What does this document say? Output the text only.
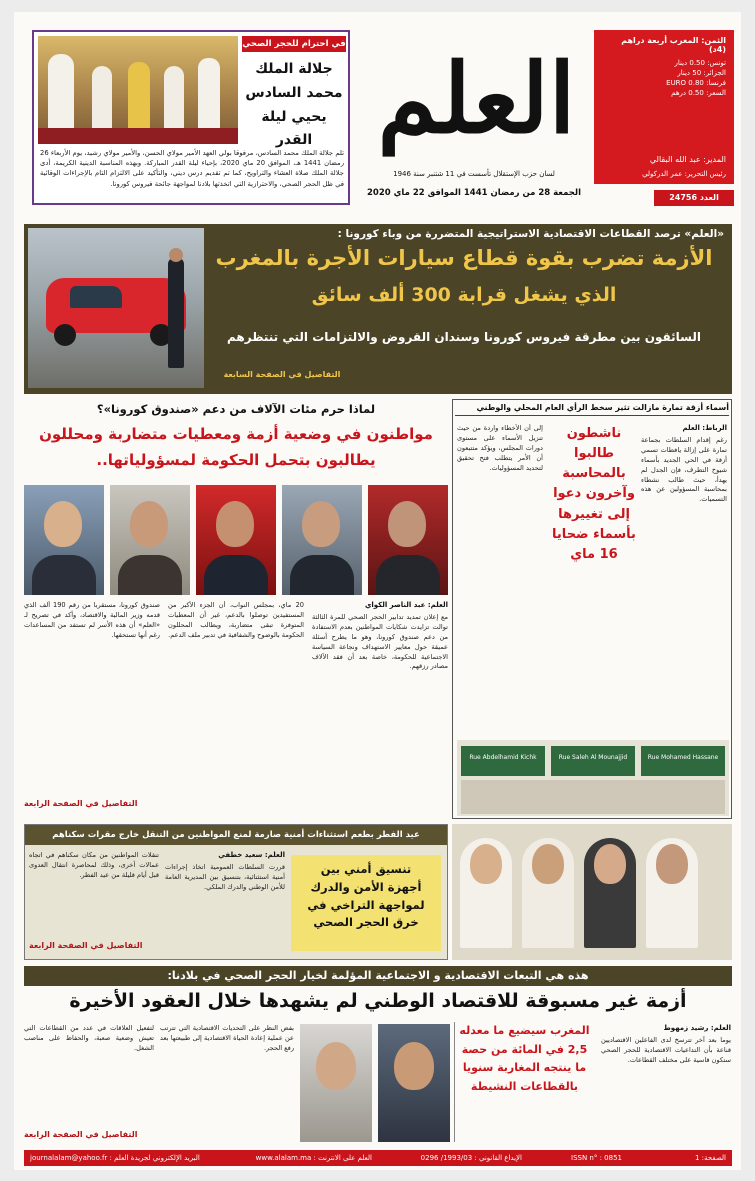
الثمن: المغرب أربعة دراهم (4د)
تونس: 0.50 دينار
الجزائر: 50 دينار
فرنسا: EURO 0.80
السعر: 0.50 درهم
المدير: عبد الله البقالي
رئيس التحرير: عمر الدركولي
العلم
لسان حزب الإستقلال تأسست في 11 شتنبر سنة 1946
الجمعة 28 من رمضان 1441 الموافق 22 ماي 2020	العدد 24756
في احترام للحجر الصحي
جلالة الملك
محمد السادس
يحيي ليلة القدر
تلم جلالة الملك محمد السادس، مرفوقا بولي العهد الأمير مولاي الحسن، والأمير مولاي رشيد، يوم الأربعاء 26 رمضان 1441 هـ، الموافق 20 ماي 2020، بإحياء ليلة القدر المباركة. وبهذه المناسبة الدينية الكريمة، أدى جلالة الملك صلاة العشاء والتراويح، كما تم تقديم درس ديني، والتأكيد على الالتزام التام بالإجراءات الوقائية في ظل الحجر الصحي، والاحترازية التي اتخذتها بلادنا لمواجهة جائحة فيروس كورونا.
«العلم» ترصد القطاعات الاقتصادية الاستراتيجية المتضررة من وباء كورونا :
الأزمة تضرب بقوة قطاع سيارات الأجرة بالمغرب
الذي يشغل قرابة 300 ألف سائق
السائقون بين مطرقة فيروس كورونا وسندان القروض والالتزامات التي تنتظرهم
التفاصيل في الصفحة السابعة
أسماء أزقة تمارة مازالت تثير سخط الرأي العام المحلي والوطني
ناشطون
طالبوا
بالمحاسبة
وآخرون دعوا
إلى تغييرها
بأسماء ضحايا
16 ماي
الرباط: العلم
رغم إقدام السلطات بجماعة تمارة على إزالة يافطات تسمي أزقة في الحي الجديد بأسماء شيوخ التطرف، فإن الجدل لم يهدأ، حيث طالب نشطاء بمحاسبة المسؤولين عن هذه التسميات.
إلى أن الأخطاء واردة من حيث تنزيل الأسماء على مستوى دورات المجلس، ويؤكد متتبعون أن الأمر يتطلب فتح تحقيق لتحديد المسؤوليات.
Rue Abdelhamid Kichk	Rue Saleh Al Mounajjid	Rue Mohamed Hassane
لماذا حرم مئات الآلاف من دعم «صندوق كورونا»؟
مواطنون في وضعية أزمة ومعطيات متضاربة ومحللون
يطالبون بتحمل الحكومة لمسؤولياتها..
العلم: عبد الناصر الكواي
مع إعلان تمديد تدابير الحجر الصحي للمرة الثالثة توالت تزايدت شكايات المواطنين بعدم الاستفادة من دعم صندوق كورونا، وهو ما يطرح أسئلة عميقة حول معايير الاستهداف ونجاعة السياسة الاجتماعية للحكومة، خاصة بعد أن فقد الآلاف مصادر رزقهم.
20 ماي، بمجلس النواب، أن الجزء الأكبر من المستفيدين توصلوا بالدعم، غير أن المعطيات المتوفرة تبقى متضاربة، ويطالب المحللون الحكومة بالوضوح والشفافية في تدبير ملف الدعم.
صندوق كورونا، مستقربا من رقم 190 ألف الذي قدمه وزير المالية والاقتصاد، وأكد في تصريح لـ «العلم» أن هذه الأسر لم تستفد من المساعدات رغم أنها تستحقها.
التفاصيل في الصفحة الرابعة
عيد الفطر بطعم استثناءات أمنية صارمة لمنع المواطنين من التنقل خارج مقرات سكناهم
تنسيق أمني بين
أجهزة الأمن والدرك
لمواجهة التراخي في
خرق الحجر الصحي
العلم: سعيد خطفي
تنقلات المواطنين من مكان سكناهم في اتجاه عمالات أخرى، وذلك لمحاصرة انتقال العدوى قبل أيام قليلة من عيد الفطر.
قررت السلطات العمومية اتخاذ إجراءات أمنية استثنائية، بتنسيق بين المديرية العامة للأمن الوطني والدرك الملكي.
التفاصيل في الصفحة الرابعة
هذه هي التبعات الاقتصادية و الاجتماعية المؤلمة لخيار الحجر الصحي في بلادنا:
أزمة غير مسبوقة للاقتصاد الوطني لم يشهدها خلال العقود الأخيرة
العلم: رشيد زمهوط
يوما بعد آخر تترسخ لدى الفاعلين الاقتصاديين قناعة بأن التداعيات الاقتصادية للحجر الصحي ستكون قاسية على مختلف القطاعات.
المغرب سيضيع ما معدله
2,5 في المائة من حصة
ما ينتجه المغاربة سنويا
بالقطاعات النشيطة
بفض النظر على التحديات الاقتصادية التي تترتب عن عملية إعادة الحياة الاقتصادية إلى طبيعتها بعد رفع الحجر.
لتفعيل العلاقات في عدد من القطاعات التي تعيش وضعية صعبة، والحفاظ على مناصب الشغل.
التفاصيل في الصفحة الرابعة
الصفحة: 1
ISSN n° : 0851
الإيداع القانوني : 1993/03/ 0296
العلم على الانترنت : www.alalam.ma
البريد الإلكتروني لجريدة العلم : journalalam@yahoo.fr
